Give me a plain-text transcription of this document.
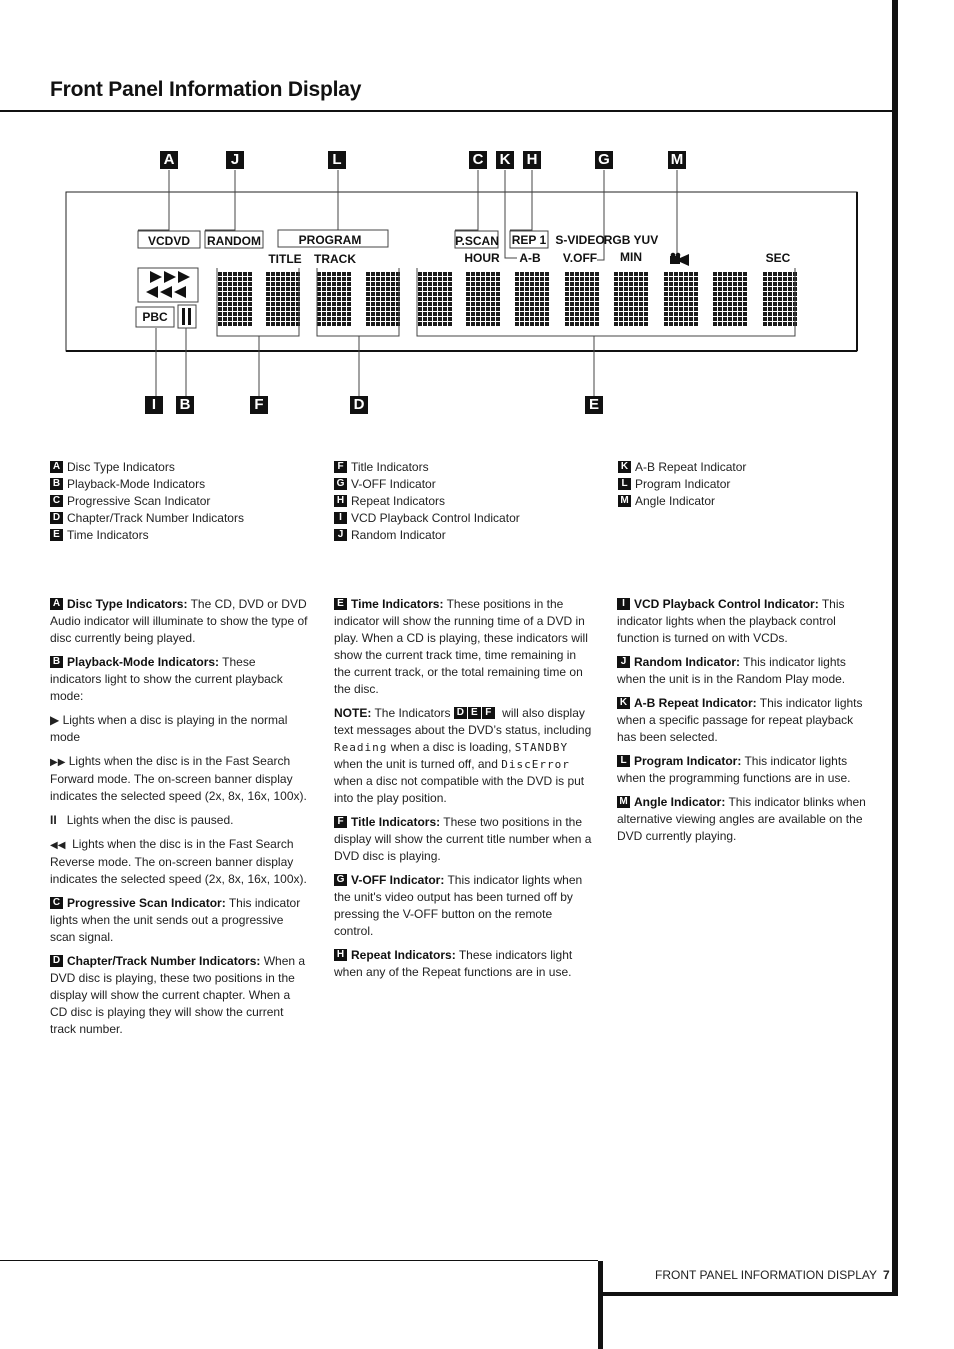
Front Panel Information Display
A	J	L	C K H	G	M
I	B	F	D	E
VCDVD RANDOM	PROGRAM
TITLE TRACK
P.SCAN
HOUR
REP 1
A-B
S-VIDEO
V.OFF
RGB YUV
MIN	SEC
PBC
A Disc Type Indicators
B Playback-Mode Indicators
C Progressive Scan Indicator
D Chapter/Track Number Indicators
E Time Indicators
F Title Indicators
G V-OFF Indicator
H Repeat Indicators
I VCD Playback Control Indicator
J Random Indicator
K A-B Repeat Indicator
L Program Indicator
M Angle Indicator

A Disc Type Indicators: The CD, DVD or DVD Audio indicator will illuminate to show the type of disc currently being played.

B Playback-Mode Indicators: These indicators light to show the current playback mode:

▶ Lights when a disc is playing in the normal mode

▶▶ Lights when the disc is in the Fast Search Forward mode. The on-screen banner display indicates the selected speed (2x, 8x, 16x, 100x).

II Lights when the disc is paused.

◀◀ Lights when the disc is in the Fast Search Reverse mode. The on-screen banner display indicates the selected speed (2x, 8x, 16x, 100x).

C Progressive Scan Indicator: This indicator lights when the unit sends out a progressive scan signal.

D Chapter/Track Number Indicators: When a DVD disc is playing, these two positions in the display will show the current chapter. When a CD disc is playing they will show the current track number.

E Time Indicators: These positions in the indicator will show the running time of a DVD in play. When a CD is playing, these indicators will show the current track time, time remaining in the current track, or the total remaining time on the disc.

NOTE: The Indicators D E F will also display text messages about the DVD’s status, including Reading when a disc is loading, STANDBY when the unit is turned off, and DiscError when a disc not compatible with the DVD is put into the play position.

F Title Indicators: These two positions in the display will show the current title number when a DVD disc is playing.

G V-OFF Indicator: This indicator lights when the unit's video output has been turned off by pressing the V-OFF button on the remote control.

H Repeat Indicators: These indicators light when any of the Repeat functions are in use.

I VCD Playback Control Indicator: This indicator lights when the playback control function is turned on with VCDs.

J Random Indicator: This indicator lights when the unit is in the Random Play mode.

K A-B Repeat Indicator: This indicator lights when a specific passage for repeat playback has been selected.

L Program Indicator: This indicator lights when the programming functions are in use.

M Angle Indicator: This indicator blinks when alternative viewing angles are available on the DVD currently playing.

FRONT PANEL INFORMATION DISPLAY 7
